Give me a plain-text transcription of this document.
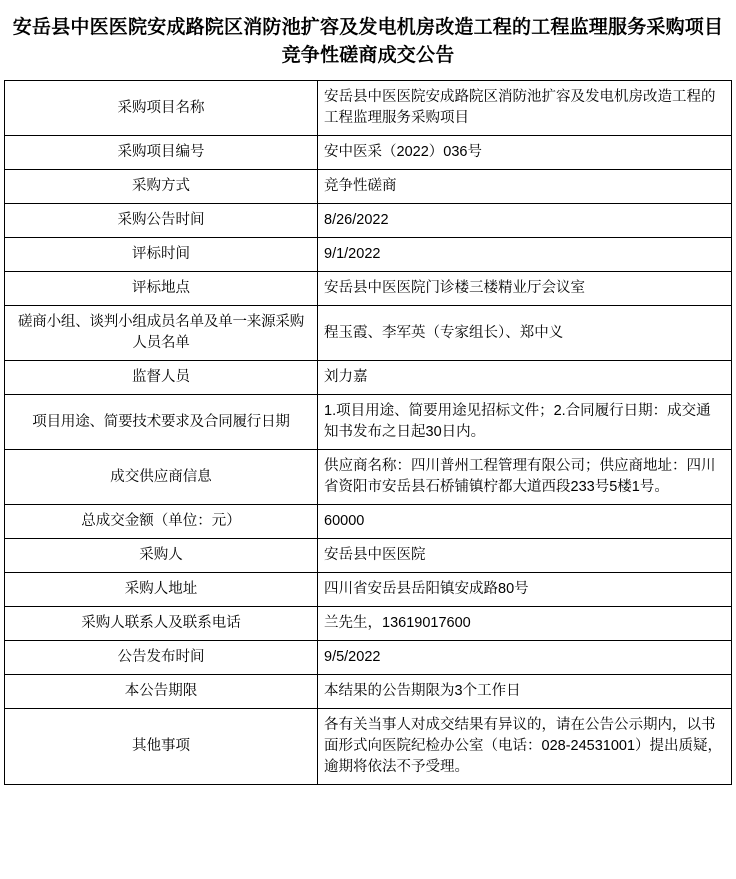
安岳县中医医院安成路院区消防池扩容及发电机房改造工程的工程监理服务采购项目竞争性磋商成交公告
采购项目名称	安岳县中医医院安成路院区消防池扩容及发电机房改造工程的工程监理服务采购项目
采购项目编号	安中医采（2022）036号
采购方式	竞争性磋商
采购公告时间	8/26/2022
评标时间	9/1/2022
评标地点	安岳县中医医院门诊楼三楼精业厅会议室
磋商小组、谈判小组成员名单及单一来源采购人员名单	程玉霞、李军英（专家组长）、郑中义
监督人员	刘力嘉
项目用途、简要技术要求及合同履行日期	1.项目用途、简要用途见招标文件；2.合同履行日期：成交通知书发布之日起30日内。
成交供应商信息	供应商名称：四川普州工程管理有限公司；供应商地址：四川省资阳市安岳县石桥铺镇柠都大道西段233号5楼1号。
总成交金额（单位：元）	60000
采购人	安岳县中医医院
采购人地址	四川省安岳县岳阳镇安成路80号
采购人联系人及联系电话	兰先生，13619017600
公告发布时间	9/5/2022
本公告期限	本结果的公告期限为3个工作日
其他事项	各有关当事人对成交结果有异议的，请在公告公示期内，以书面形式向医院纪检办公室（电话：028-24531001）提出质疑，逾期将依法不予受理。
